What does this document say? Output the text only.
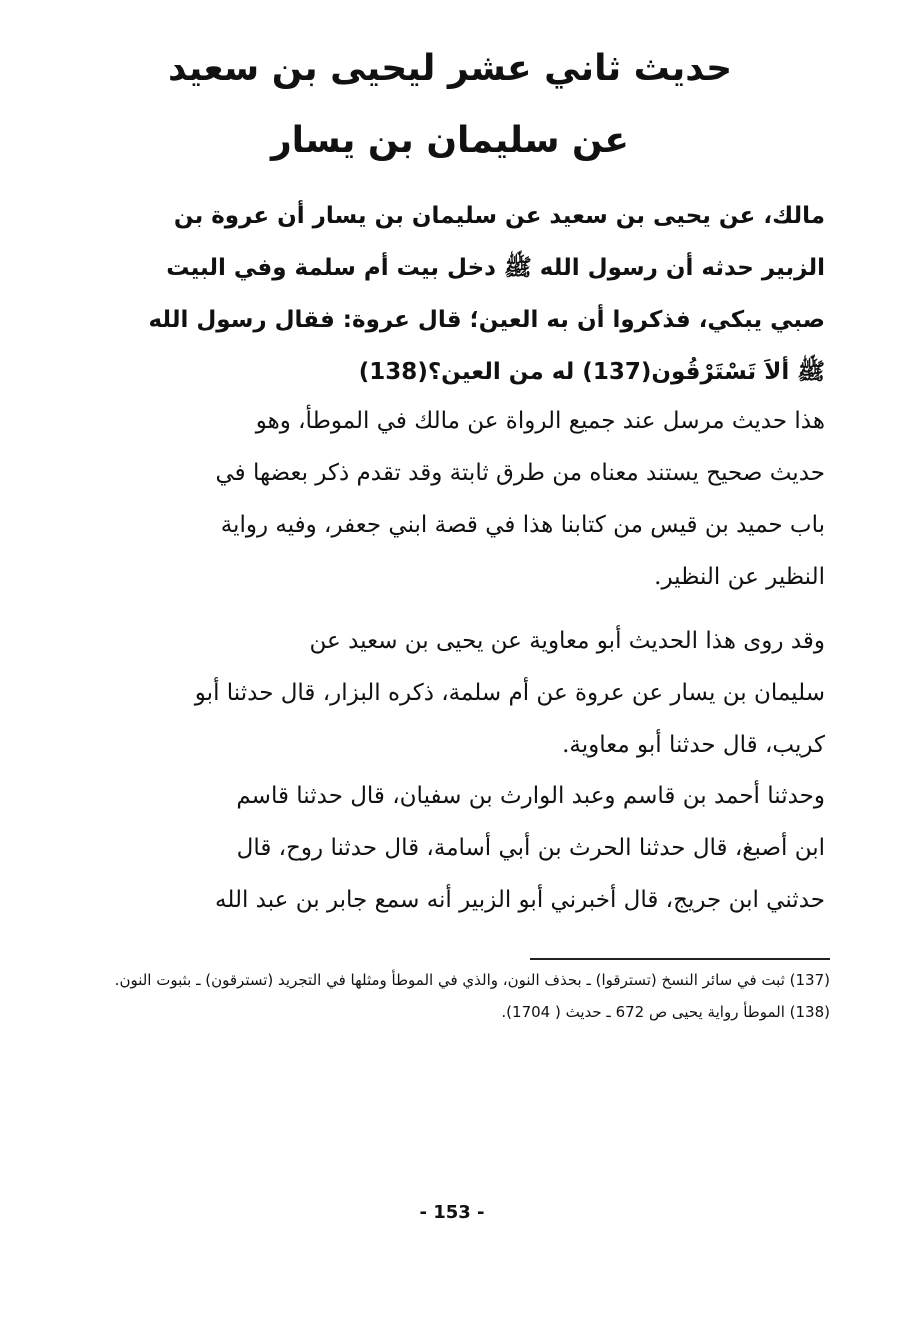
حديث ثاني عشر ليحيى بن سعيد
عن سليمان بن يسار
مالك، عن يحيى بن سعيد عن سليمان بن يسار أن عروة بن
الزبير حدثه أن رسول الله ﷺ دخل بيت أم سلمة وفي البيت
صبي يبكي، فذكروا أن به العين؛ قال عروة: فقال رسول الله
ﷺ ألاَ تَسْتَرْقُون(137) له من العين؟(138)
هذا حديث مرسل عند جميع الرواة عن مالك في الموطأ، وهو
حديث صحيح يستند معناه من طرق ثابتة وقد تقدم ذكر بعضها في
باب حميد بن قيس من كتابنا هذا في قصة ابني جعفر، وفيه رواية
النظير عن النظير.
وقد روى هذا الحديث أبو معاوية عن يحيى بن سعيد عن
سليمان بن يسار عن عروة عن أم سلمة، ذكره البزار، قال حدثنا أبو
كريب، قال حدثنا أبو معاوية.
وحدثنا أحمد بن قاسم وعبد الوارث بن سفيان، قال حدثنا قاسم
ابن أصبغ، قال حدثنا الحرث بن أبي أسامة، قال حدثنا روح، قال
حدثني ابن جريج، قال أخبرني أبو الزبير أنه سمع جابر بن عبد الله
(137) ثبت في سائر النسخ (تسترقوا) ـ بحذف النون، والذي في الموطأ ومثلها في التجريد (تسترقون) ـ بثبوت النون.
(138) الموطأ رواية يحيى ص 672 ـ حديث ( 1704).
- 153 -
